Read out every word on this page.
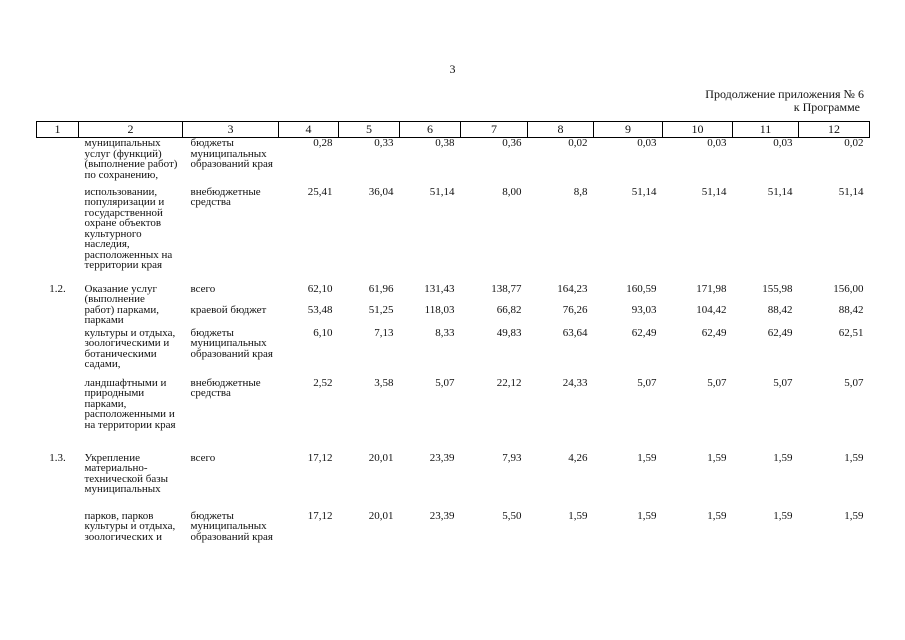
3
Продолжение приложения № 6
к Программе
1	2	3	4	5	6	7	8	9	10	11	12
	муниципальных услуг (функций) (выполнение работ) по сохранению,	бюджеты муниципальных образований края	0,28	0,33	0,38	0,36	0,02	0,03	0,03	0,03	0,02
	использовании, популяризации и государственной охране объектов культурного наследия, расположенных на территории края	внебюджетные средства	25,41	36,04	51,14	8,00	8,8	51,14	51,14	51,14	51,14
1.2.	Оказание услуг (выполнение	всего	62,10	61,96	131,43	138,77	164,23	160,59	171,98	155,98	156,00
	работ) парками, парками	краевой бюджет	53,48	51,25	118,03	66,82	76,26	93,03	104,42	88,42	88,42
	культуры и отдыха, зоологическими и ботаническими садами,	бюджеты муниципальных образований края	6,10	7,13	8,33	49,83	63,64	62,49	62,49	62,49	62,51
	ландшафтными и природными парками, расположенными и на территории края	внебюджетные средства	2,52	3,58	5,07	22,12	24,33	5,07	5,07	5,07	5,07
1.3.	Укрепление материально-технической базы муниципальных	всего	17,12	20,01	23,39	7,93	4,26	1,59	1,59	1,59	1,59
	парков, парков культуры и отдыха, зоологических и	бюджеты муниципальных образований края	17,12	20,01	23,39	5,50	1,59	1,59	1,59	1,59	1,59
